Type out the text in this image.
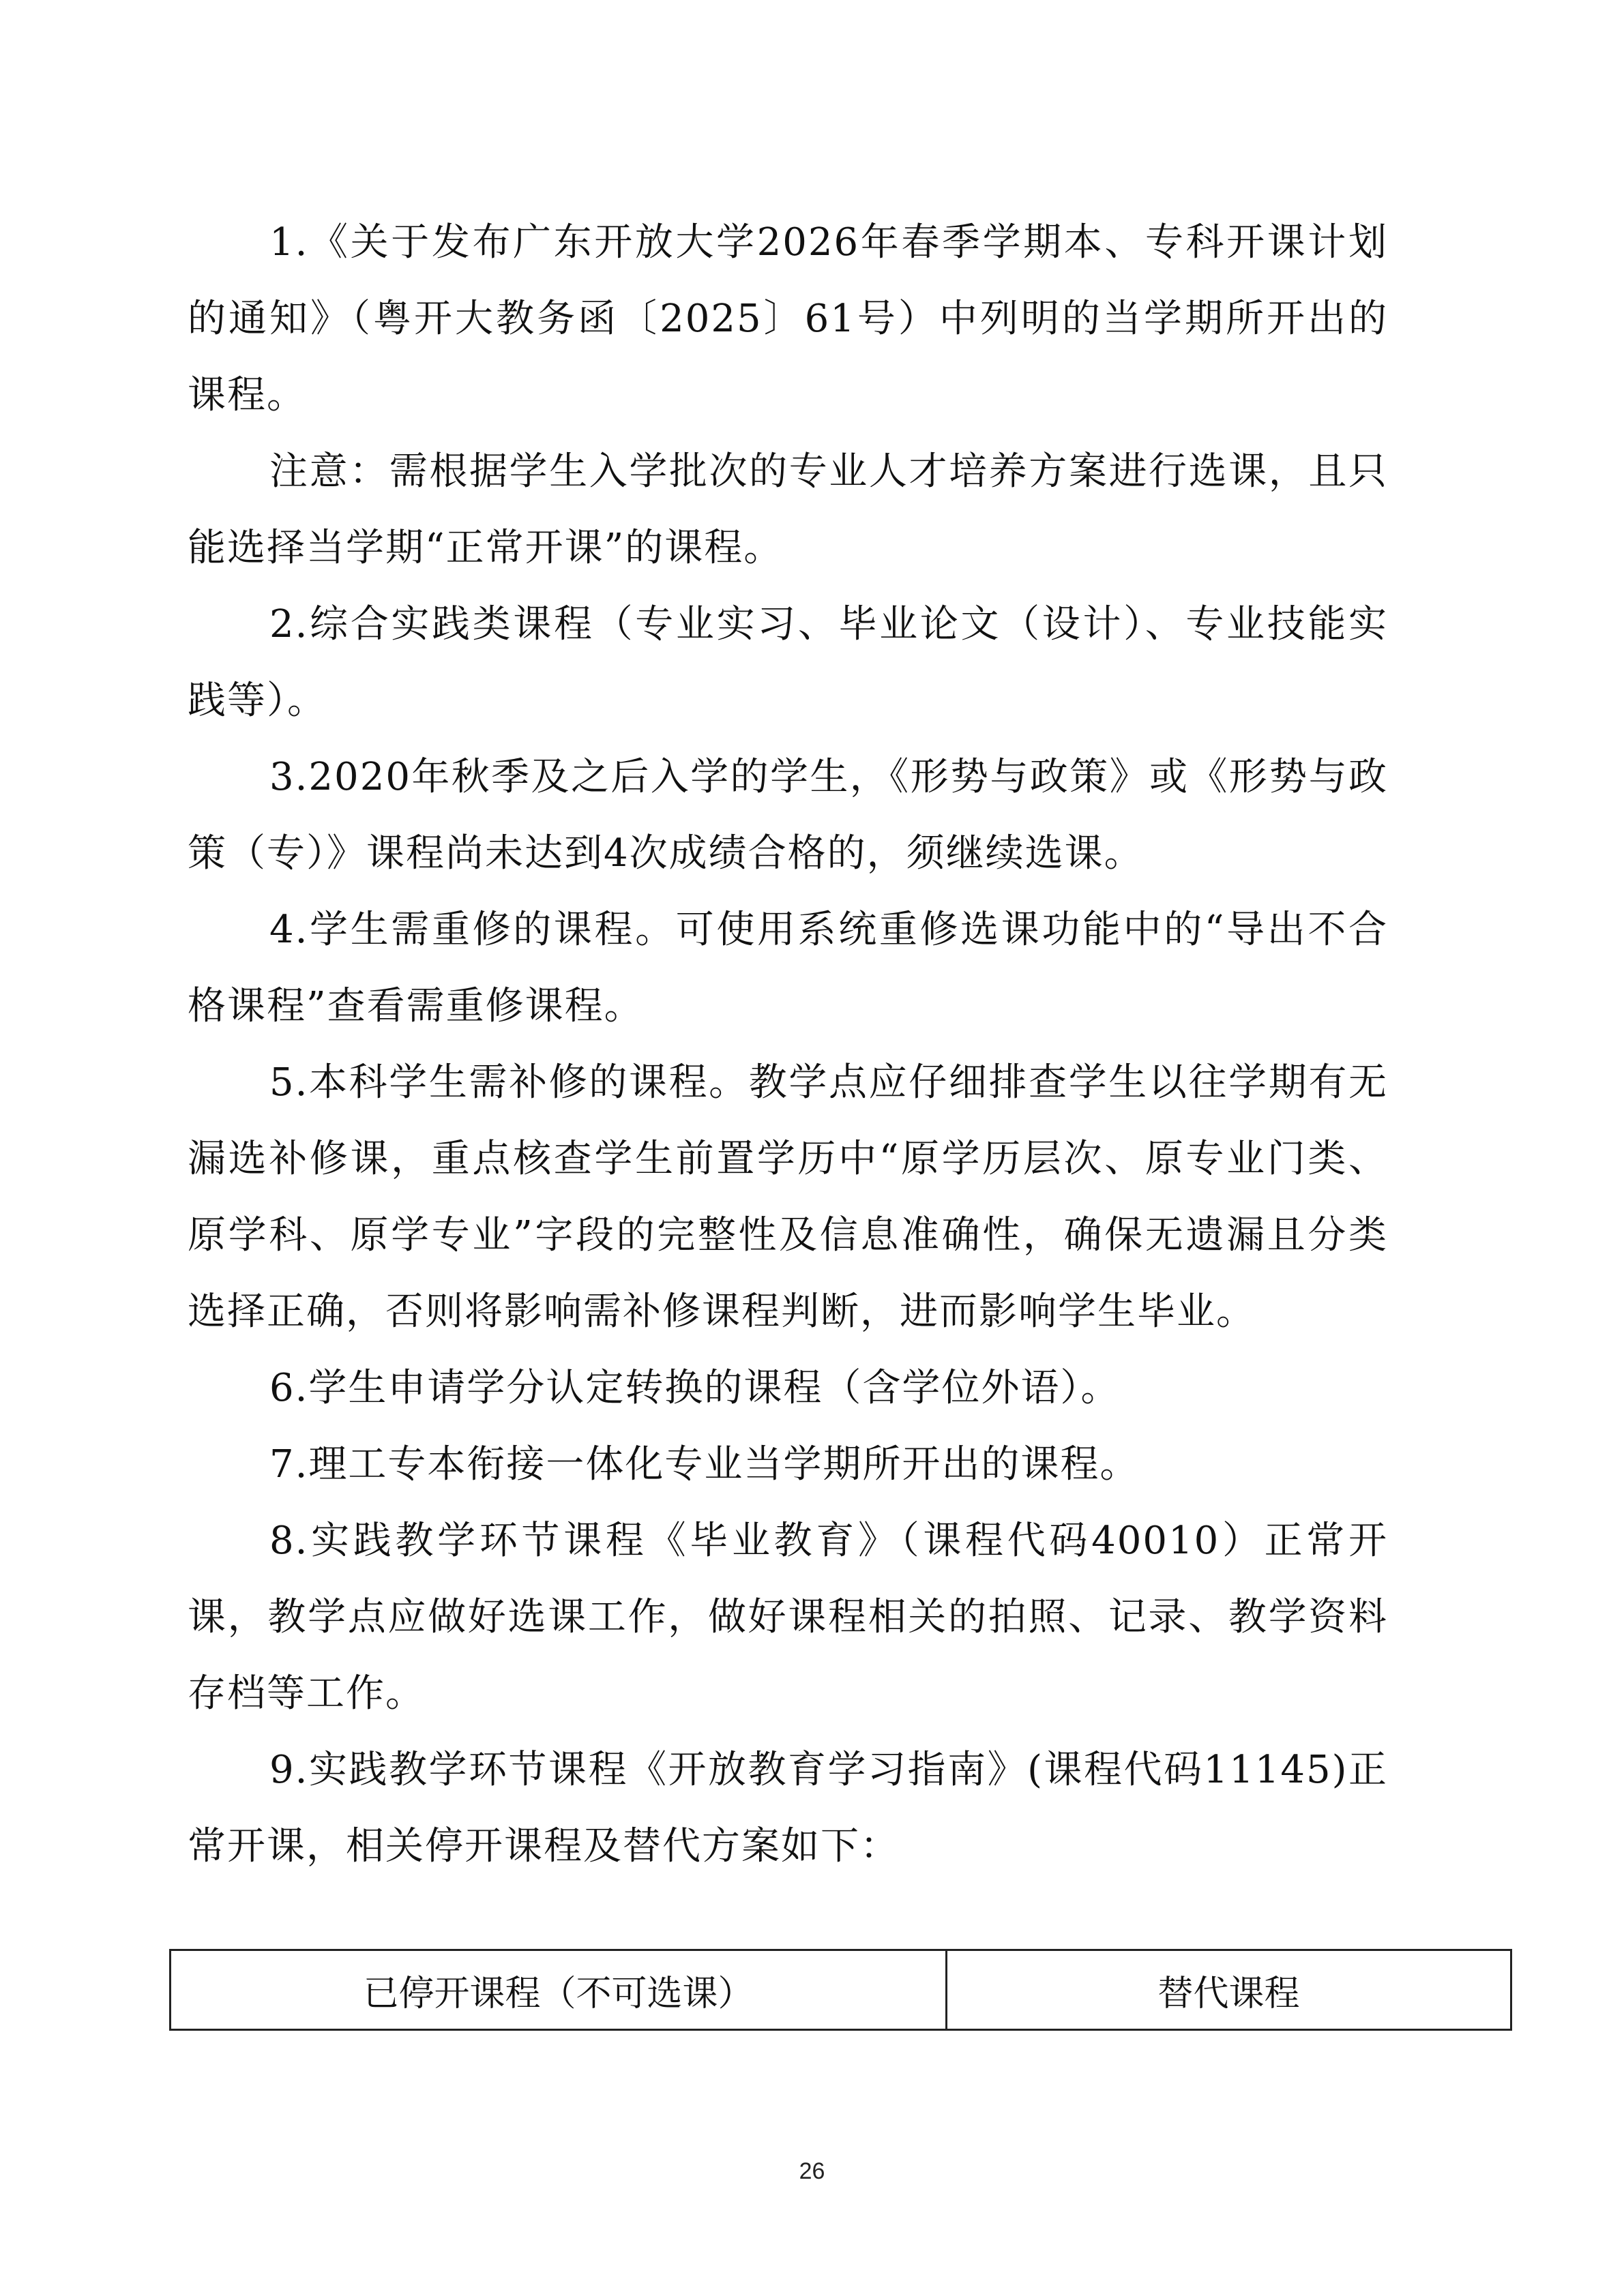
1.《关于发布广东开放大学2026年春季学期本、专科开课计划的通知》（粤开大教务函〔2025〕61号）中列明的当学期所开出的课程。

注意：需根据学生入学批次的专业人才培养方案进行选课，且只能选择当学期“正常开课”的课程。

2.综合实践类课程（专业实习、毕业论文（设计）、专业技能实践等）。

3.2020年秋季及之后入学的学生，《形势与政策》或《形势与政策（专）》课程尚未达到4次成绩合格的，须继续选课。

4.学生需重修的课程。可使用系统重修选课功能中的“导出不合格课程”查看需重修课程。

5.本科学生需补修的课程。教学点应仔细排查学生以往学期有无漏选补修课，重点核查学生前置学历中“原学历层次、原专业门类、原学科、原学专业”字段的完整性及信息准确性，确保无遗漏且分类选择正确，否则将影响需补修课程判断，进而影响学生毕业。

6.学生申请学分认定转换的课程（含学位外语）。

7.理工专本衔接一体化专业当学期所开出的课程。

8.实践教学环节课程《毕业教育》（课程代码40010）正常开课，教学点应做好选课工作，做好课程相关的拍照、记录、教学资料存档等工作。

9.实践教学环节课程《开放教育学习指南》(课程代码11145)正常开课，相关停开课程及替代方案如下：

已停开课程（不可选课）	替代课程
26
